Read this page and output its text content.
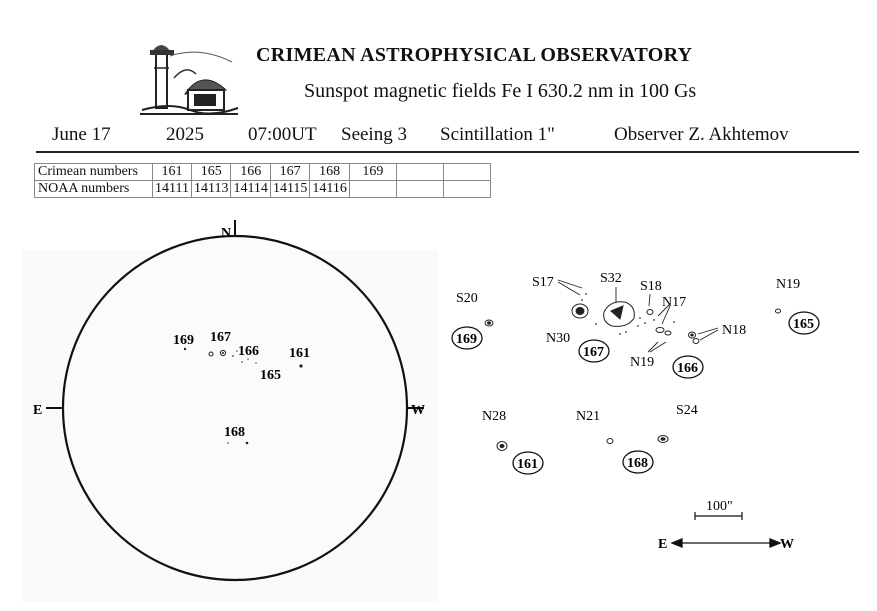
CRIMEAN ASTROPHYSICAL OBSERVATORY
Sunspot magnetic fields Fe I 630.2 nm in 100 Gs
June 17	2025 07:00UT Seeing 3 Scintillation 1"	Observer Z. Akhtemov
Crimean numbers	161	165	166	167	168	169		
NOAA numbers	14111	14113	14114	14115	14116			
N
E	W
169 167
166 161
165
168
S20
S17	S32
S18
N17
N30
N18
N19
N19
N28	N21	S24
169
167
166
165
161	168
100"
E	W
